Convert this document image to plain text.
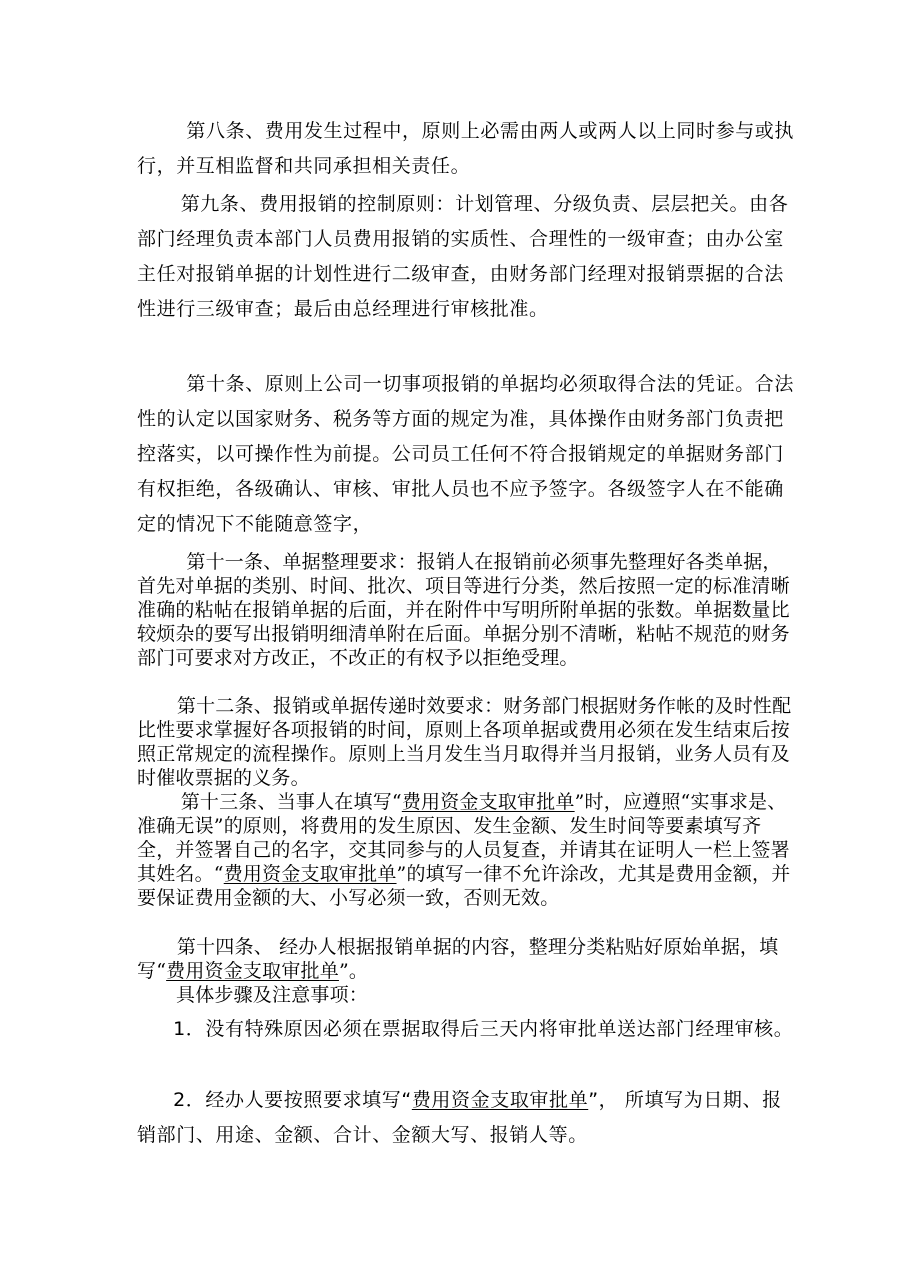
第八条、费用发生过程中，原则上必需由两人或两人以上同时参与或执行，并互相监督和共同承担相关责任。

第九条、费用报销的控制原则：计划管理、分级负责、层层把关。由各部门经理负责本部门人员费用报销的实质性、合理性的一级审查；由办公室主任对报销单据的计划性进行二级审查，由财务部门经理对报销票据的合法性进行三级审查；最后由总经理进行审核批准。

第十条、原则上公司一切事项报销的单据均必须取得合法的凭证。合法性的认定以国家财务、税务等方面的规定为准，具体操作由财务部门负责把控落实，以可操作性为前提。公司员工任何不符合报销规定的单据财务部门有权拒绝，各级确认、审核、审批人员也不应予签字。各级签字人在不能确定的情况下不能随意签字，

第十一条、单据整理要求：报销人在报销前必须事先整理好各类单据，首先对单据的类别、时间、批次、项目等进行分类，然后按照一定的标准清晰准确的粘帖在报销单据的后面，并在附件中写明所附单据的张数。单据数量比较烦杂的要写出报销明细清单附在后面。单据分别不清晰，粘帖不规范的财务部门可要求对方改正，不改正的有权予以拒绝受理。

第十二条、报销或单据传递时效要求：财务部门根据财务作帐的及时性配比性要求掌握好各项报销的时间，原则上各项单据或费用必须在发生结束后按照正常规定的流程操作。原则上当月发生当月取得并当月报销，业务人员有及时催收票据的义务。

第十三条、当事人在填写“费用资金支取审批单”时，应遵照“实事求是、准确无误”的原则，将费用的发生原因、发生金额、发生时间等要素填写齐全，并签署自己的名字，交其同参与的人员复查，并请其在证明人一栏上签署其姓名。“费用资金支取审批单”的填写一律不允许涂改，尤其是费用金额，并要保证费用金额的大、小写必须一致，否则无效。

第十四条、 经办人根据报销单据的内容，整理分类粘贴好原始单据，填写“费用资金支取审批单”。

具体步骤及注意事项：

1．没有特殊原因必须在票据取得后三天内将审批单送达部门经理审核。

2．经办人要按照要求填写“费用资金支取审批单”， 所填写为日期、报销部门、用途、金额、合计、金额大写、报销人等。
